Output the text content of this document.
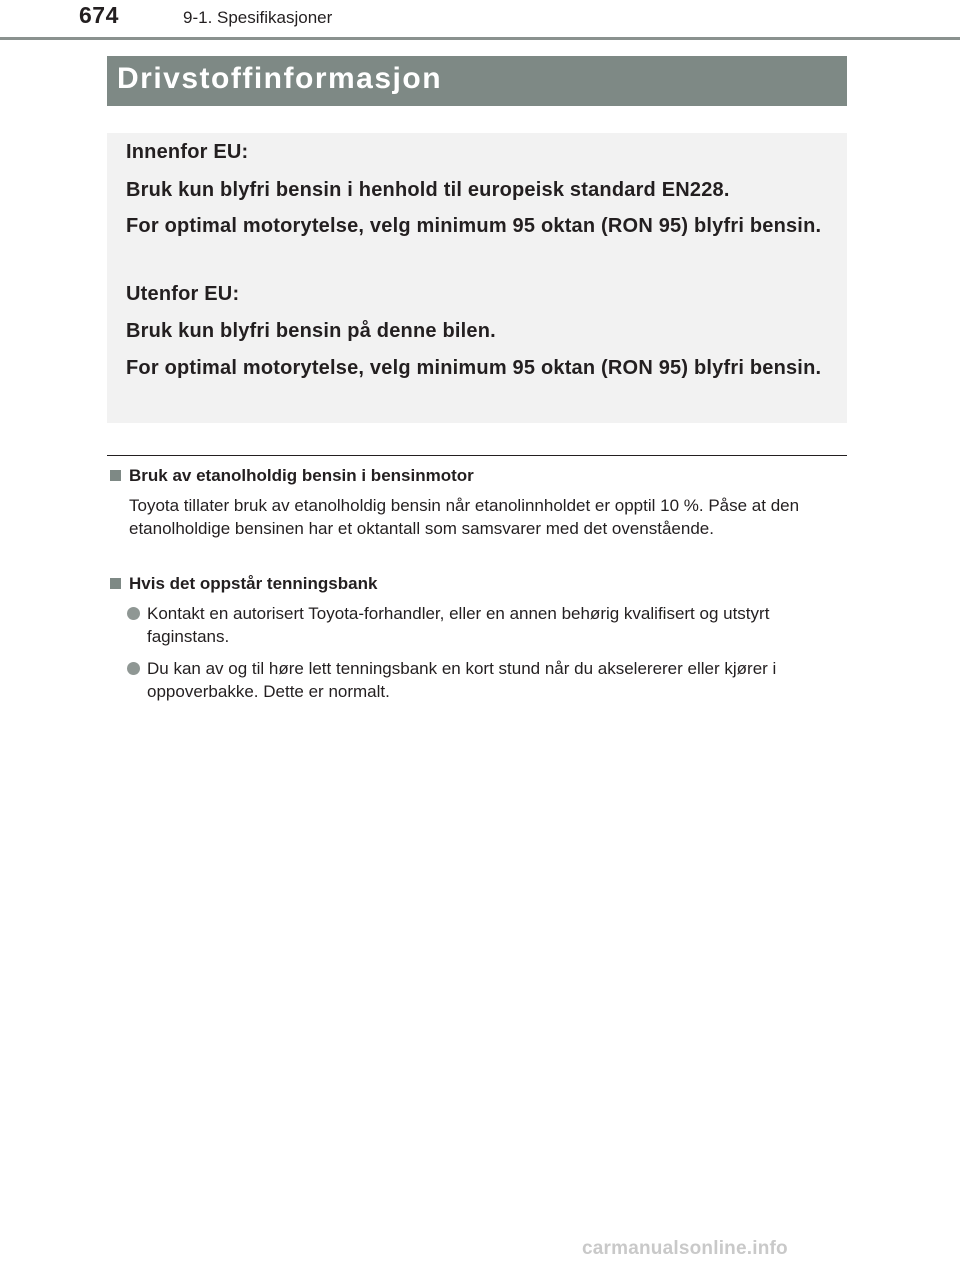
674	9-1. Spesifikasjoner
Drivstoffinformasjon

Innenfor EU:

Bruk kun blyfri bensin i henhold til europeisk standard EN228.

For optimal motorytelse, velg minimum 95 oktan (RON 95) blyfri bensin.

Utenfor EU:

Bruk kun blyfri bensin på denne bilen.

For optimal motorytelse, velg minimum 95 oktan (RON 95) blyfri bensin.

Bruk av etanolholdig bensin i bensinmotor

Toyota tillater bruk av etanolholdig bensin når etanolinnholdet er opptil 10 %. Påse at den etanolholdige bensinen har et oktantall som samsvarer med det ovenstående.

Hvis det oppstår tenningsbank

Kontakt en autorisert Toyota-forhandler, eller en annen behørig kvalifisert og utstyrt faginstans.

Du kan av og til høre lett tenningsbank en kort stund når du akselererer eller kjører i oppoverbakke. Dette er normalt.

carmanualsonline.info
